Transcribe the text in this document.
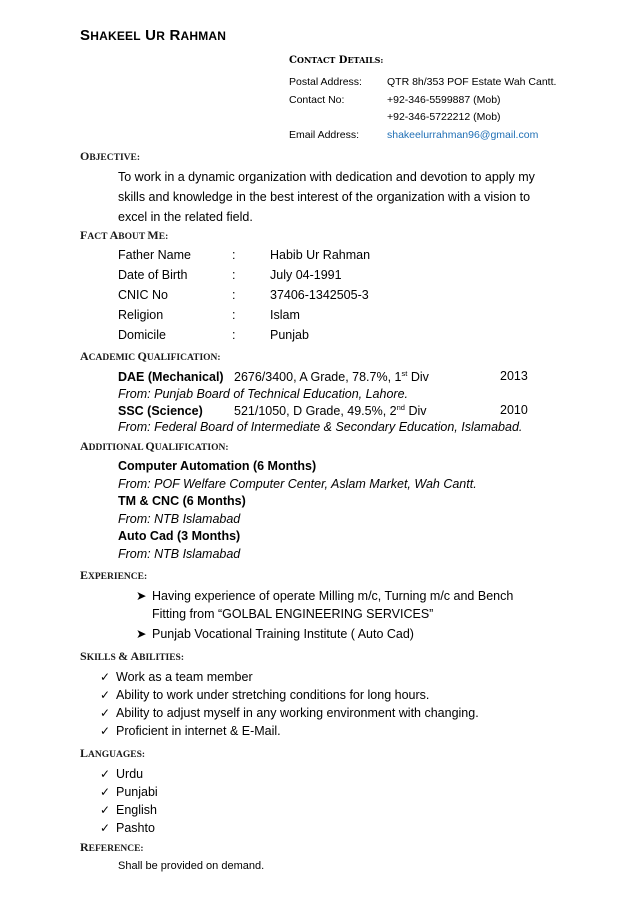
SHAKEEL UR RAHMAN
CONTACT DETAILS:
Postal Address: QTR 8h/353 POF Estate Wah Cantt.
Contact No:	+92-346-5599887 (Mob)
+92-346-5722212 (Mob)
Email Address:	shakeelurrahman96@gmail.com
OBJECTIVE:
To work in a dynamic organization with dedication and devotion to apply my
skills and knowledge in the best interest of the organization with a vision to
excel in the related field.
FACT ABOUT ME:
Father Name	:	Habib Ur Rahman
Date of Birth	:	July 04-1991
CNIC No	:	37406-1342505-3
Religion	:	Islam
Domicile	:	Punjab
ACADEMIC QUALIFICATION:
DAE (Mechanical) 2676/3400, A Grade, 78.7%, 1st Div	2013
From: Punjab Board of Technical Education, Lahore.
SSC (Science) 521/1050, D Grade, 49.5%, 2nd Div	2010
From: Federal Board of Intermediate & Secondary Education, Islamabad.
ADDITIONAL QUALIFICATION:
Computer Automation (6 Months)
From: POF Welfare Computer Center, Aslam Market, Wah Cantt.
TM & CNC (6 Months)
From: NTB Islamabad
Auto Cad (3 Months)
From: NTB Islamabad
EXPERIENCE:
➤ Having experience of operate Milling m/c, Turning m/c and Bench
Fitting from “GOLBAL ENGINEERING SERVICES”
➤ Punjab Vocational Training Institute ( Auto Cad)
SKILLS & ABILITIES:
✓ Work as a team member
✓ Ability to work under stretching conditions for long hours.
✓ Ability to adjust myself in any working environment with changing.
✓ Proficient in internet & E-Mail.
LANGUAGES:
✓ Urdu
✓ Punjabi
✓ English
✓ Pashto
REFERENCE:
Shall be provided on demand.
